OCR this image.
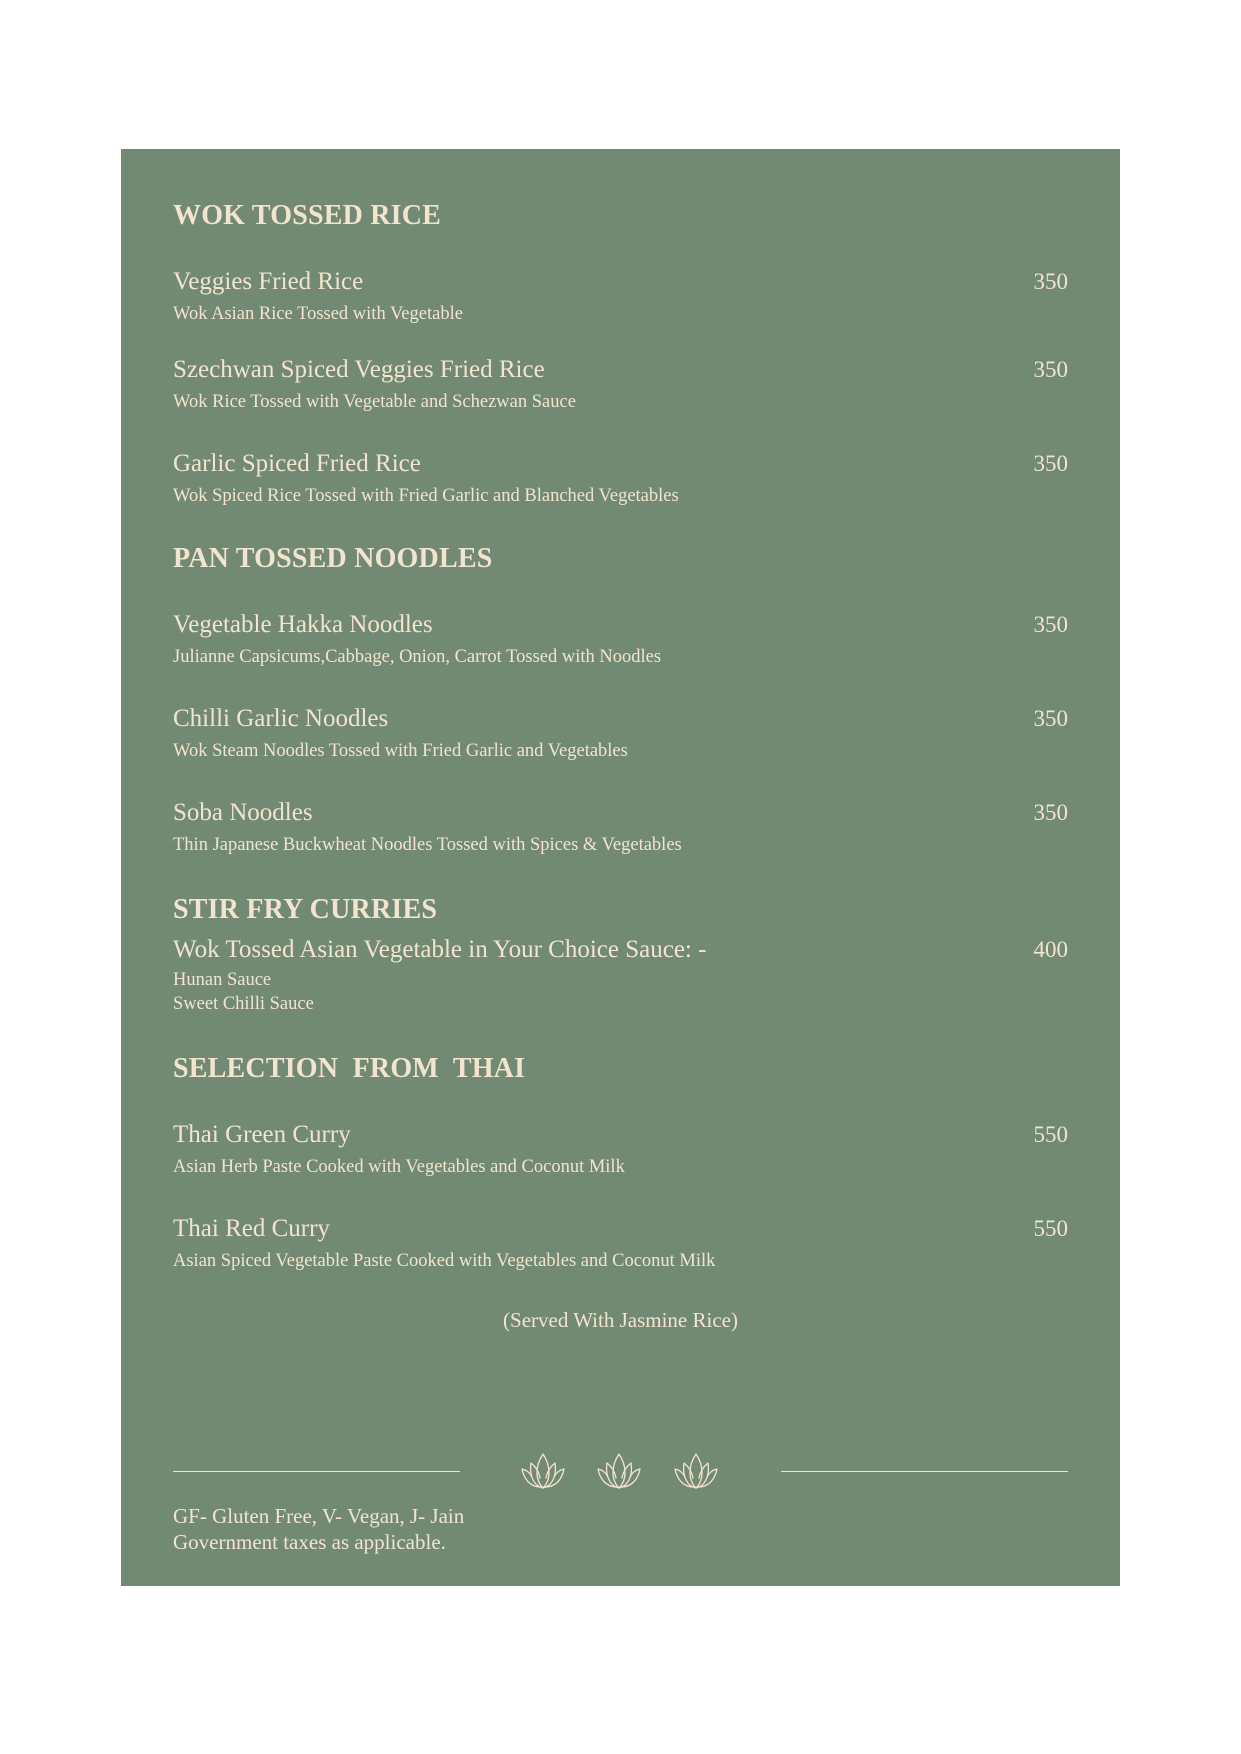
WOK TOSSED RICE
Veggies Fried Rice	350
Wok Asian Rice Tossed with Vegetable
Szechwan Spiced Veggies Fried Rice	350
Wok Rice Tossed with Vegetable and Schezwan Sauce
Garlic Spiced Fried Rice	350
Wok Spiced Rice Tossed with Fried Garlic and Blanched Vegetables
PAN TOSSED NOODLES
Vegetable Hakka Noodles	350
Julianne Capsicums,Cabbage, Onion, Carrot Tossed with Noodles
Chilli Garlic Noodles	350
Wok Steam Noodles Tossed with Fried Garlic and Vegetables
Soba Noodles	350
Thin Japanese Buckwheat Noodles Tossed with Spices & Vegetables
STIR FRY CURRIES
Wok Tossed Asian Vegetable in Your Choice Sauce: -	400
Hunan Sauce
Sweet Chilli Sauce
SELECTION  FROM  THAI
Thai Green Curry	550
Asian Herb Paste Cooked with Vegetables and Coconut Milk
Thai Red Curry	550
Asian Spiced Vegetable Paste Cooked with Vegetables and Coconut Milk
(Served With Jasmine Rice)
GF- Gluten Free, V- Vegan, J- Jain
Government taxes as applicable.
